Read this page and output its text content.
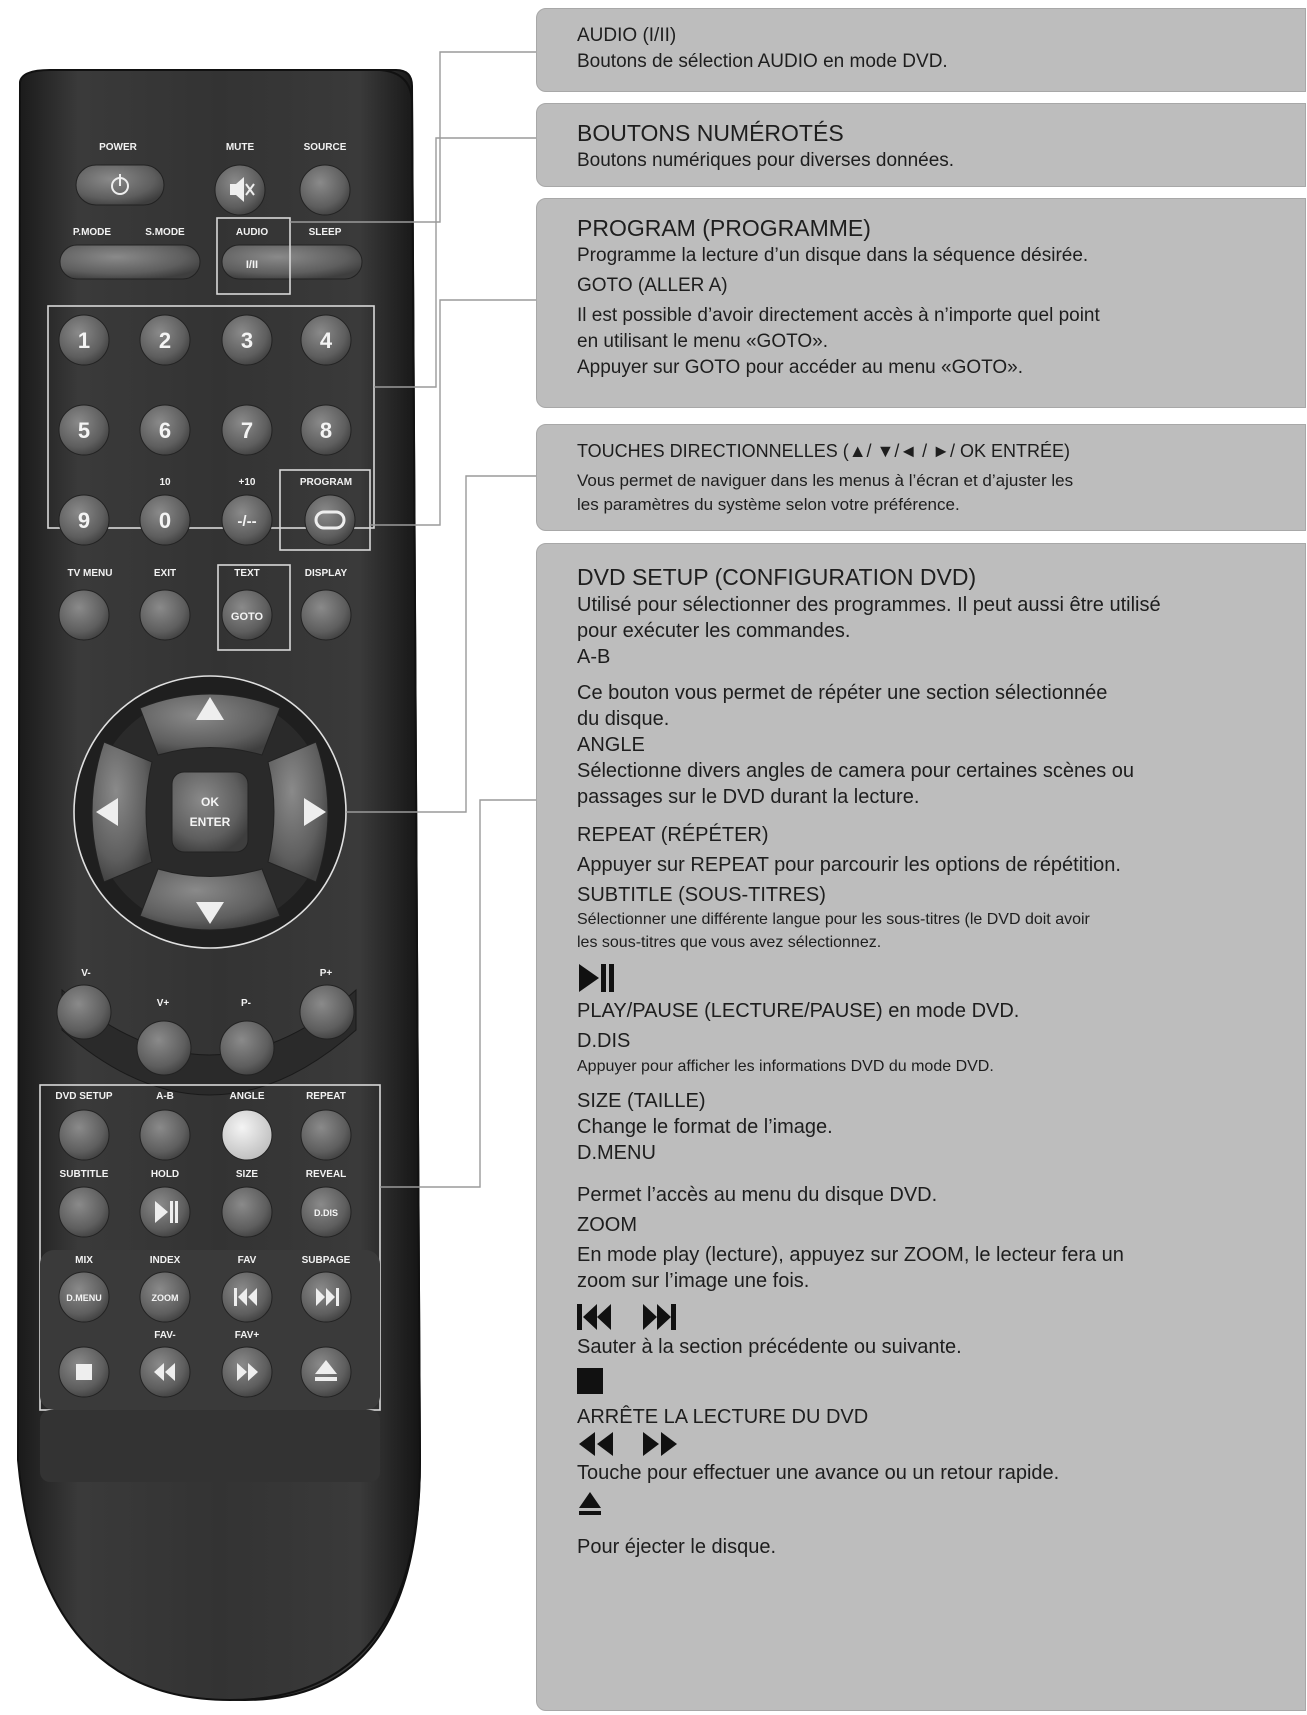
POWER	MUTE	SOURCE
P.MODE	S.MODE	AUDIO	SLEEP
I/II
1	2	3	4
5	6	7	8
9	0
10	+10
-/--
PROGRAM
TV MENU	EXIT	TEXT	DISPLAY
GOTO
OK
ENTER
V-
V+	P-
P+
DVD SETUP	A-B	ANGLE	REPEAT
SUBTITLE	HOLD	SIZE	REVEAL
D.DIS
MIX	INDEX	FAV	SUBPAGE
D.MENU	ZOOM
FAV-	FAV+
AUDIO (I/II)
Boutons de sélection AUDIO en mode DVD.
BOUTONS NUMÉROTÉS
Boutons numériques pour diverses données.
PROGRAM (PROGRAMME)
Programme la lecture d’un disque dans la séquence désirée.
GOTO (ALLER A)
Il est possible d’avoir directement accès à n’importe quel point
en utilisant le menu «GOTO».
Appuyer sur GOTO pour accéder au menu «GOTO».
TOUCHES DIRECTIONNELLES (▲/ ▼/◄ / ►/ OK ENTRÉE)
Vous permet de naviguer dans les menus à l’écran et d’ajuster les
les paramètres du système selon votre préférence.
DVD SETUP (CONFIGURATION DVD)
Utilisé pour sélectionner des programmes. Il peut aussi être utilisé
pour exécuter les commandes.
A-B
Ce bouton vous permet de répéter une section sélectionnée
du disque.
ANGLE
Sélectionne divers angles de camera pour certaines scènes ou
passages sur le DVD durant la lecture.
REPEAT (RÉPÉTER)
Appuyer sur REPEAT pour parcourir les options de répétition.
SUBTITLE (SOUS-TITRES)
Sélectionner une différente langue pour les sous-titres (le DVD doit avoir
les sous-titres que vous avez sélectionnez.
PLAY/PAUSE (LECTURE/PAUSE) en mode DVD.
D.DIS
Appuyer pour afficher les informations DVD du mode DVD.
SIZE (TAILLE)
Change le format de l’image.
D.MENU
Permet l’accès au menu du disque DVD.
ZOOM
En mode play (lecture), appuyez sur ZOOM, le lecteur fera un
zoom sur l’image une fois.
Sauter à la section précédente ou suivante.
ARRÊTE LA LECTURE DU DVD
Touche pour effectuer une avance ou un retour rapide.
Pour éjecter le disque.
